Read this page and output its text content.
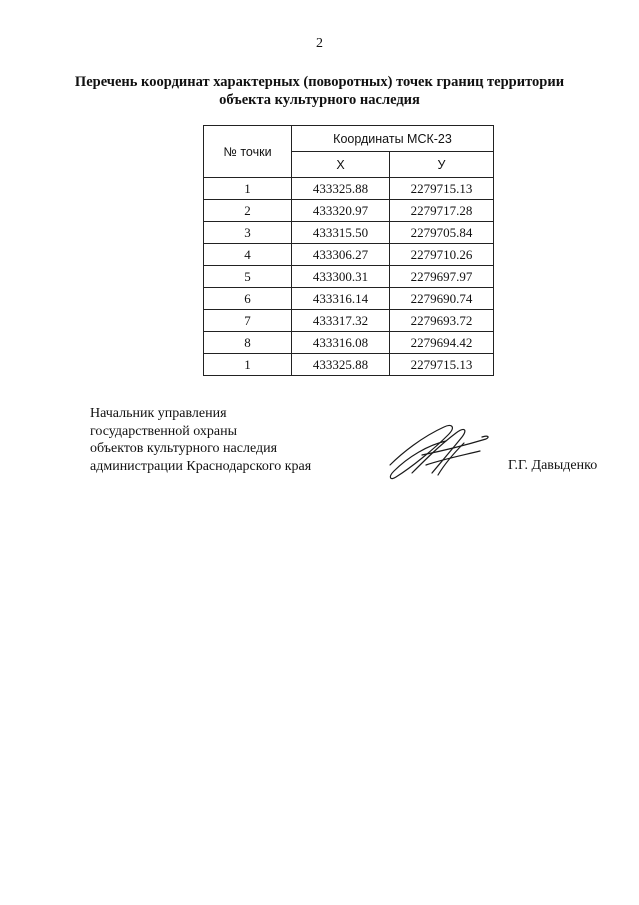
2
Перечень координат характерных (поворотных) точек границ территории
объекта культурного наследия
№ точки	Координаты МСК-23	
	Х	У
1	433325.88	2279715.13
2	433320.97	2279717.28
3	433315.50	2279705.84
4	433306.27	2279710.26
5	433300.31	2279697.97
6	433316.14	2279690.74
7	433317.32	2279693.72
8	433316.08	2279694.42
1	433325.88	2279715.13
Начальник управления
государственной охраны
объектов культурного наследия
администрации Краснодарского края	Г.Г. Давыденко
